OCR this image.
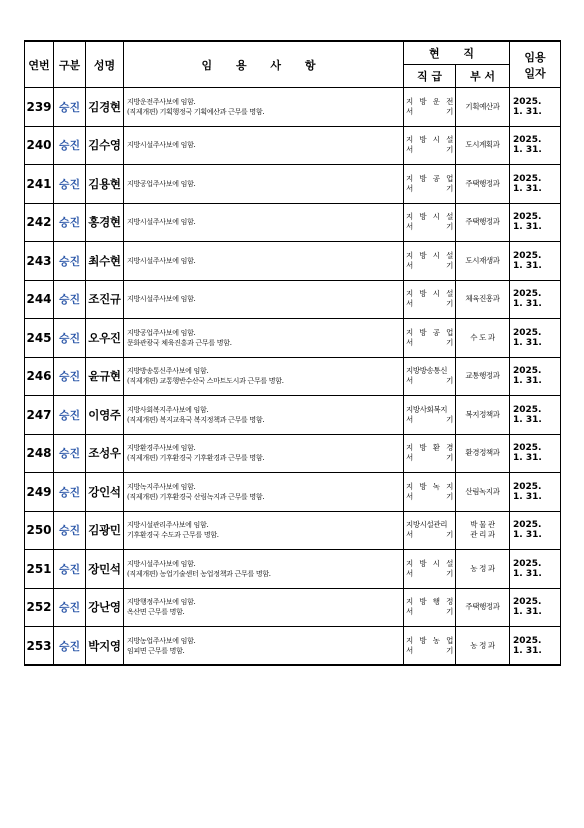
연번	구분	성명	임 용 사 항	현 직		임용
일자

				직 급	부 서	
239	승진	김경현	지방운전주사보에 임함.
(직제개편) 기획행정국 기획예산과 근무를 명함.	지 방 운 전
서 기	기획예산과	2025.
1. 31.

240	승진	김수영	지방시설주사보에 임함.	지 방 시 설
서 기	도시계획과	2025.
1. 31.

241	승진	김용현	지방공업주사보에 임함.	지 방 공 업
서 기	주택행정과	2025.
1. 31.

242	승진	홍경현	지방시설주사보에 임함.	지 방 시 설
서 기	주택행정과	2025.
1. 31.

243	승진	최수현	지방시설주사보에 임함.	지 방 시 설
서 기	도시재생과	2025.
1. 31.

244	승진	조진규	지방시설주사보에 임함.	지 방 시 설
서 기	체육진흥과	2025.
1. 31.

245	승진	오우진	지방공업주사보에 임함.
문화관광국 체육진흥과 근무를 명함.	지 방 공 업
서 기	수 도 과	2025.
1. 31.

246	승진	윤규현	지방방송통신주사보에 임함.
(직제개편) 교통행반수산국 스마트도시과 근무를 명함.	지방방송통신
서 기	교통행정과	2025.
1. 31.

247	승진	이영주	지방사회복지주사보에 임함.
(직제개편) 복지교육국 복지정책과 근무를 명함.	지방사회복지
서 기	복지정책과	2025.
1. 31.

248	승진	조성우	지방환경주사보에 임함.
(직제개편) 기후환경국 기후환경과 근무를 명함.	지 방 환 경
서 기	환경정책과	2025.
1. 31.

249	승진	강인석	지방녹지주사보에 임함.
(직제개편) 기후환경국 산림녹지과 근무를 명함.	지 방 녹 지
서 기	산림녹지과	2025.
1. 31.

250	승진	김광민	지방시설관리주사보에 임함.
기후환경국 수도과 근무를 명함.	지방시설관리
서 기	박 물 관
관 리 과	2025.
1. 31.

251	승진	장민석	지방시설주사보에 임함.
(직제개편) 농업기술센터 농업정책과 근무를 명함.	지 방 시 설
서 기	농 정 과	2025.
1. 31.

252	승진	강난영	지방행정주사보에 임함.
옥산면 근무를 명함.	지 방 행 정
서 기	주택행정과	2025.
1. 31.

253	승진	박지영	지방농업주사보에 임함.
임피면 근무를 명함.	지 방 농 업
서 기	농 정 과	2025.
1. 31.
